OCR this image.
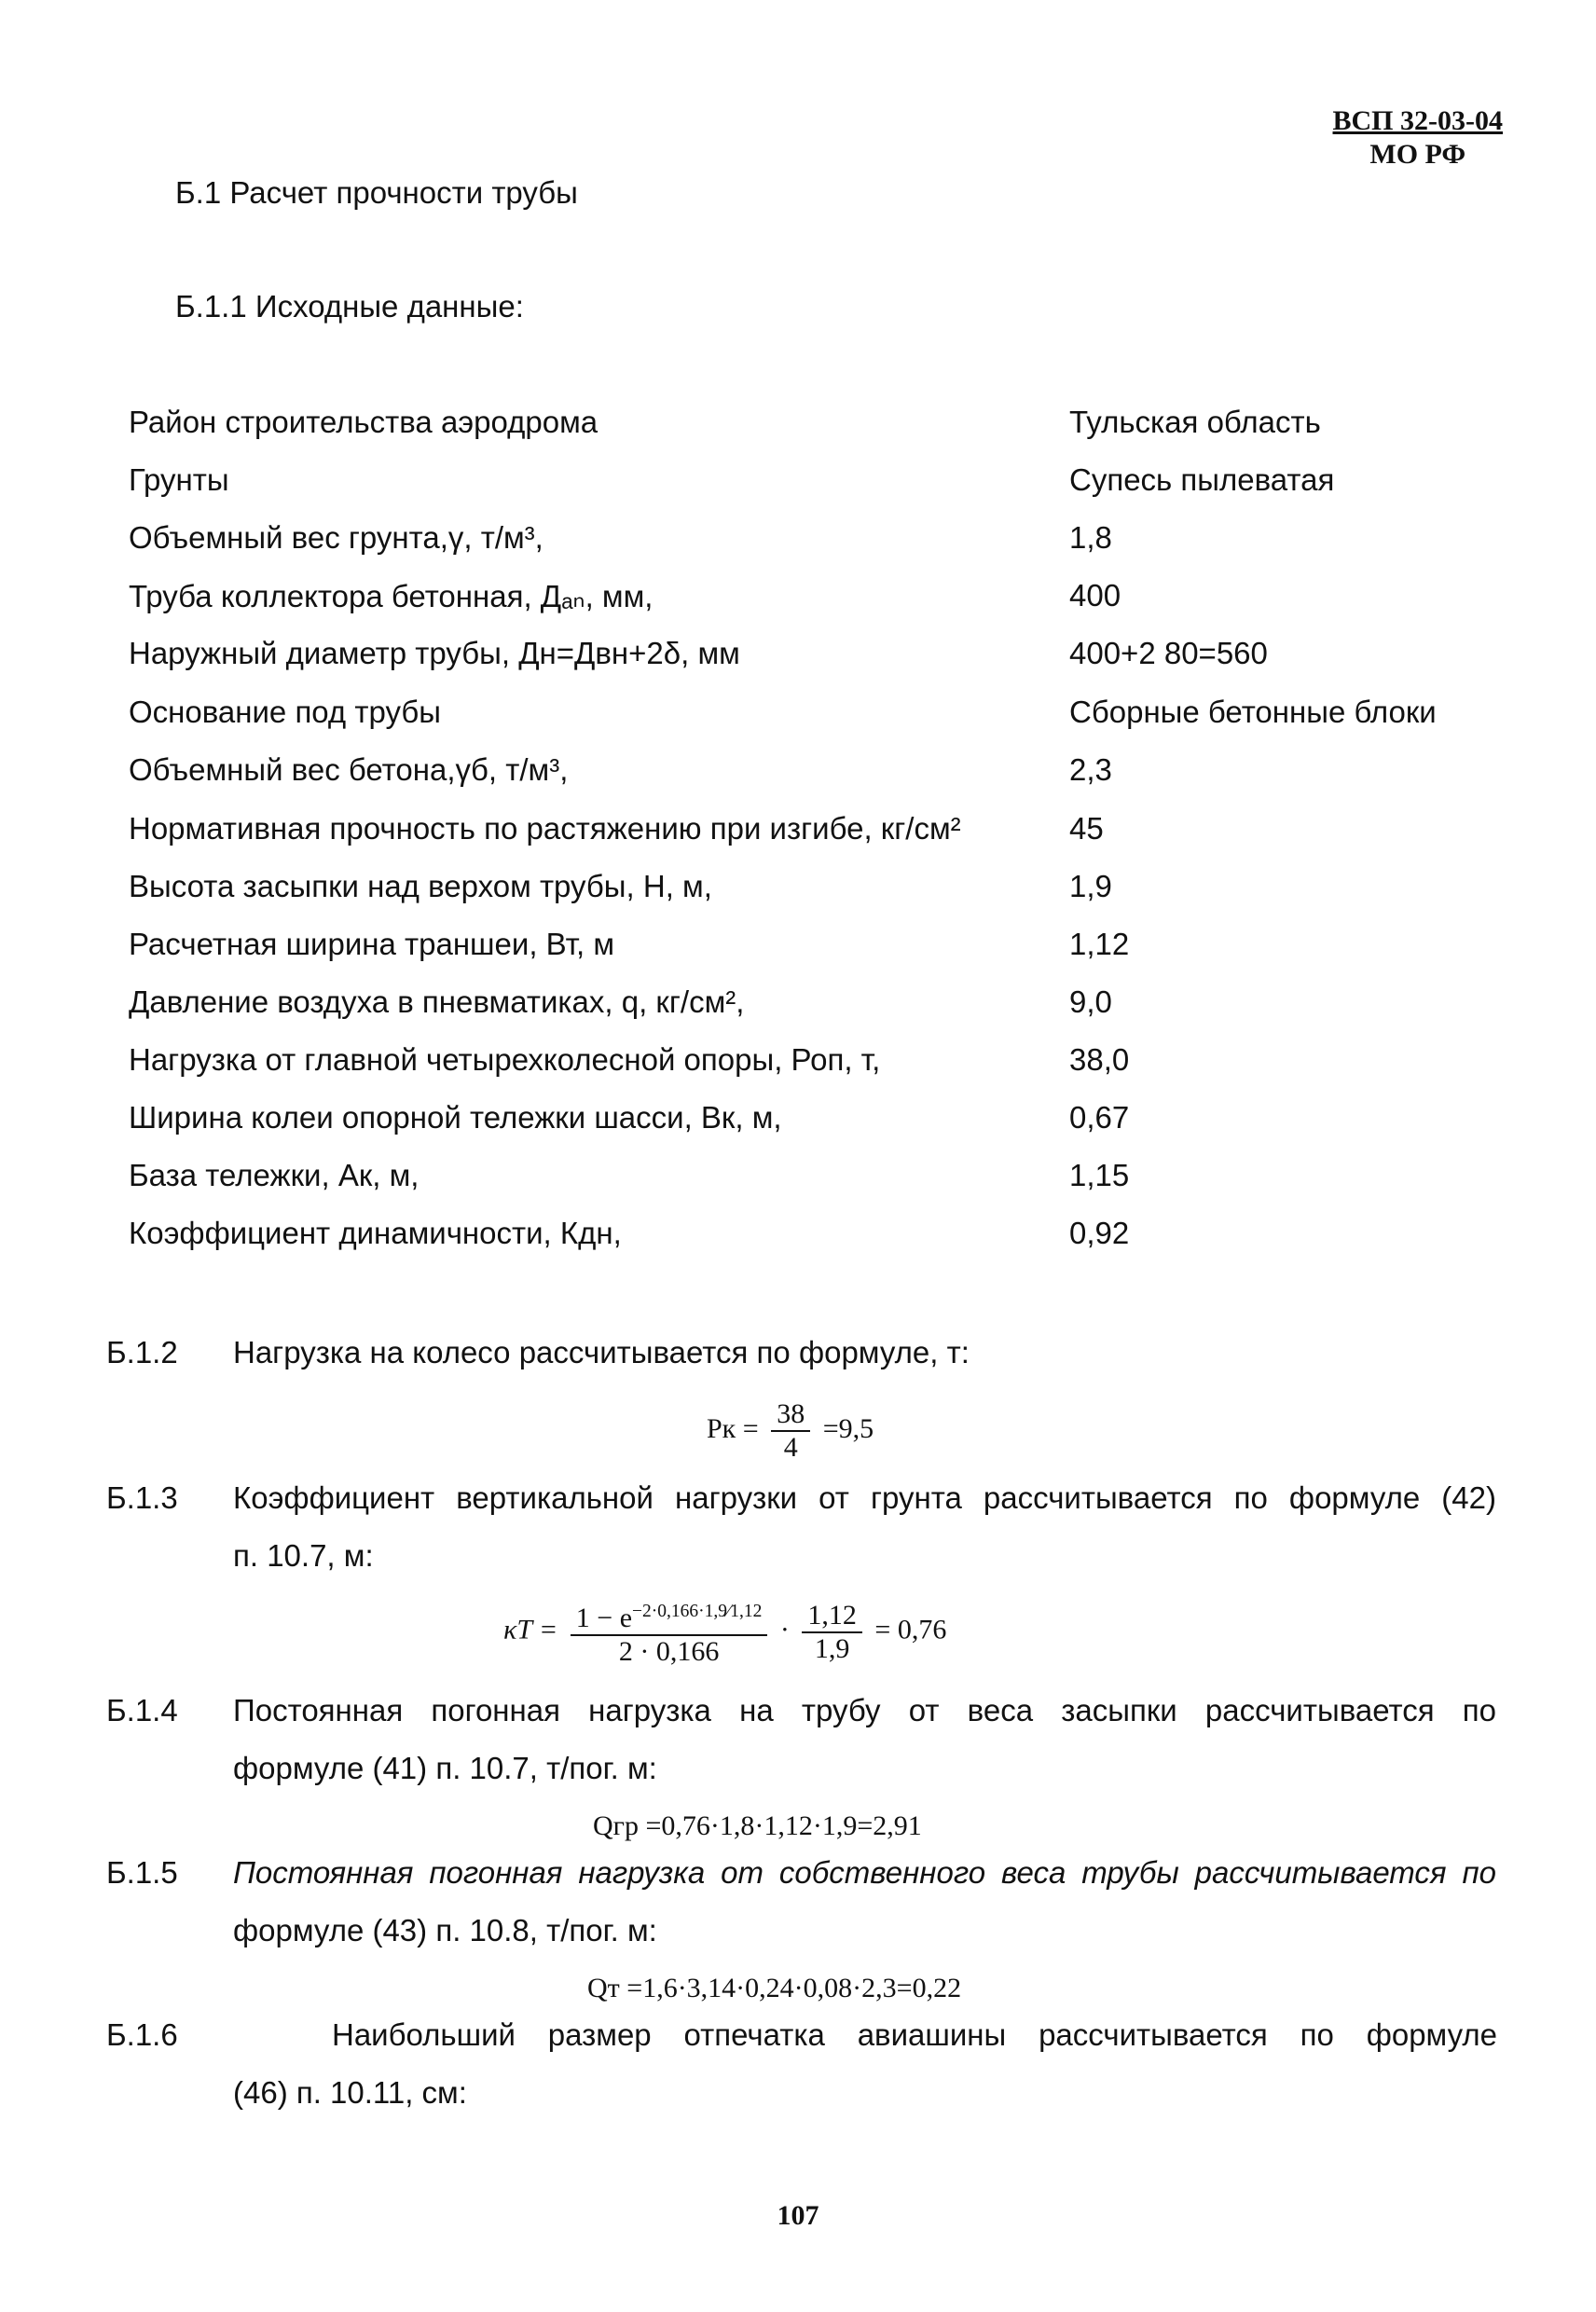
ВСП 32-03-04
МО РФ
Б.1 Расчет прочности трубы
Б.1.1 Исходные данные:
Район строительства аэродрома	Тульская область
Грунты	Супесь пылеватая
Объемный вес грунта,γ, т/м³,	1,8
Труба коллектора бетонная, Дₐₙ, мм,	400
Наружный диаметр трубы, Дн=Двн+2δ, мм	400+2 80=560
Основание под трубы	Сборные бетонные блоки
Объемный вес бетона,γб, т/м³,	2,3
Нормативная прочность по растяжению при изгибе, кг/см²	45
Высота засыпки над верхом трубы, Н, м,	1,9
Расчетная ширина траншеи, Вт, м	1,12
Давление воздуха в пневматиках, q, кг/см²,	9,0
Нагрузка от главной четырехколесной опоры, Роп, т,	38,0
Ширина колеи опорной тележки шасси, Вк, м,	0,67
База тележки, Ак, м,	1,15
Коэффициент динамичности, Кдн,	0,92
Б.1.2 Нагрузка на колесо рассчитывается по формуле, т:
Pк = $\frac{38}{4} =9,5$
Б.1.3 Коэффициент вертикальной нагрузки от грунта рассчитывается по формуле (42)
п. 10.7, м:
$\kappa T = \frac{1 - e^{-2\cdot 0,166\cdot 1,9⁄1,12}}{2 \cdot 0,166} \cdot \frac{1,12}{1,9} = 0,76$
Б.1.4 Постоянная погонная нагрузка на трубу от веса засыпки рассчитывается по
формуле (41) п. 10.7, т/пог. м:
Qгр =0,76·1,8·1,12·1,9=2,91
Б.1.5 Постоянная погонная нагрузка от собственного веса трубы рассчитывается по
формуле (43) п. 10.8, т/пог. м:
Qт =1,6·3,14·0,24·0,08·2,3=0,22
Б.1.6	Наибольший размер отпечатка авиашины рассчитывается по формуле
(46) п. 10.11, см:
107
